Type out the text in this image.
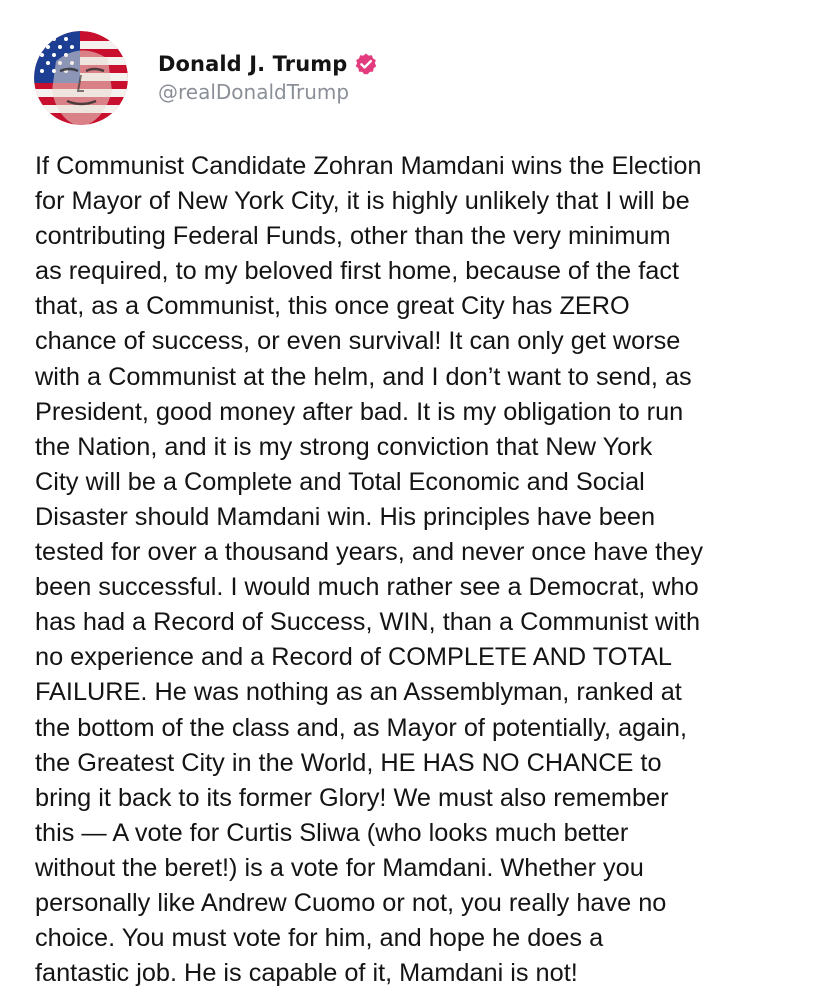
Donald J. Trump
@realDonaldTrump

If Communist Candidate Zohran Mamdani wins the Election
for Mayor of New York City, it is highly unlikely that I will be
contributing Federal Funds, other than the very minimum
as required, to my beloved first home, because of the fact
that, as a Communist, this once great City has ZERO
chance of success, or even survival! It can only get worse
with a Communist at the helm, and I don’t want to send, as
President, good money after bad. It is my obligation to run
the Nation, and it is my strong conviction that New York
City will be a Complete and Total Economic and Social
Disaster should Mamdani win. His principles have been
tested for over a thousand years, and never once have they
been successful. I would much rather see a Democrat, who
has had a Record of Success, WIN, than a Communist with
no experience and a Record of COMPLETE AND TOTAL
FAILURE. He was nothing as an Assemblyman, ranked at
the bottom of the class and, as Mayor of potentially, again,
the Greatest City in the World, HE HAS NO CHANCE to
bring it back to its former Glory! We must also remember
this — A vote for Curtis Sliwa (who looks much better
without the beret!) is a vote for Mamdani. Whether you
personally like Andrew Cuomo or not, you really have no
choice. You must vote for him, and hope he does a
fantastic job. He is capable of it, Mamdani is not!
